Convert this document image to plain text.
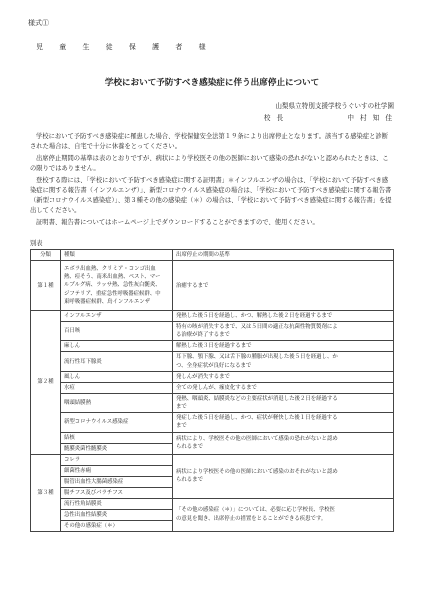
様式①
児 童 生 徒 保 護 者 様
学校において予防すべき感染症に伴う出席停止について
山梨県立特別支援学校うぐいすの杜学園
校 長	中 村 知 佳

学校において予防すべき感染症に罹患した場合、学校保健安全法第１９条により出席停止となります。該当する感染症と診断された場合は、自宅で十分に休養をとってください。

出席停止期間の基準は表のとおりですが、病状により学校医その他の医師において感染の恐れがないと認められたときは、この限りではありません。

登校する際には、「学校において予防すべき感染症に関する証明書」＊インフルエンザの場合は、「学校において予防すべき感染症に関する報告書（インフルエンザ）」、新型コロナウイルス感染症の場合は、「学校において予防すべき感染症に関する報告書（新型コロナウイルス感染症）」、第３種その他の感染症（＊）の場合は、「学校において予防すべき感染症に関する報告書」を提出してください。

証明書、報告書についてはホームページ上でダウンロードすることができますので、使用ください。

別表
分類	種類	出席停止の期間の基準
第１種	エボラ出血熱、クリミア・コンゴ出血
熱、痘そう、南米出血熱、ペスト、マー
ルブルグ病、ラッサ熱、急性灰白髄炎、
ジフテリア、重症急性呼吸器症候群、中
東呼吸器症候群、鳥インフルエンザ	治癒するまで
第２種	インフルエンザ	発熱した後５日を経過し、かつ、解熱した後２日を経過するまで
	百日咳	特有の咳が消失するまで、又は５日間の適正な抗菌性物質製剤によ
る治療が終了するまで

	麻しん	解熱した後３日を経過するまで
	流行性耳下腺炎	耳下腺、顎下腺、又は舌下腺の腫脹が出現した後５日を経過し、か
つ、全身症状が良好になるまで

	風しん	発しんが消失するまで
	水痘	全ての発しんが、痂皮化するまで
	咽頭結膜熱	発熱、咽頭炎、結膜炎などの主要症状が消退した後２日を経過する
まで

	新型コロナウイルス感染症	発症した後５日を経過し、かつ、症状が軽快した後１日を経過する
まで

	結核	病状により、学校医その他の医師において感染の恐れがないと認め
られるまで

	髄膜炎菌性髄膜炎	
第３種	コレラ	病状により学校医その他の医師において感染のおそれがないと認め
られるまで

	細菌性赤痢	
	腸管出血性大腸菌感染症	
	腸チフス及びパラチフス	
	流行性角結膜炎	「その他の感染症（＊）」については、必要に応じ学校長、学校医
の意見を聞き、出席停止の措置をとることができる疾患です。

	急性出血性結膜炎	
	その他の感染症（＊）	
